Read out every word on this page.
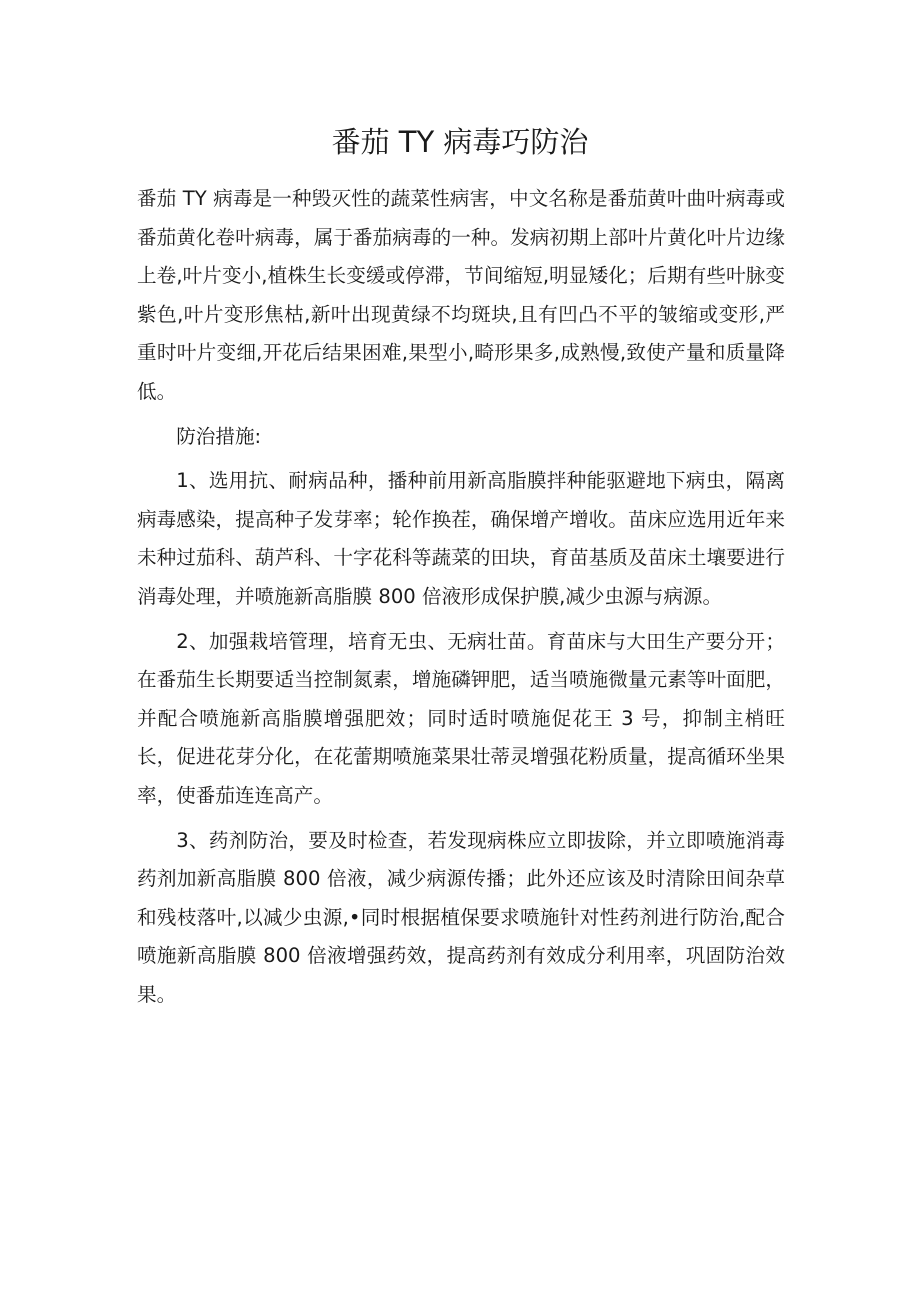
番茄 TY 病毒巧防治

番茄 TY 病毒是一种毁灭性的蔬菜性病害，中文名称是番茄黄叶曲叶病毒或番茄黄化卷叶病毒，属于番茄病毒的一种。发病初期上部叶片黄化叶片边缘上卷,叶片变小,植株生长变缓或停滞，节间缩短,明显矮化；后期有些叶脉变紫色,叶片变形焦枯,新叶出现黄绿不均斑块,且有凹凸不平的皱缩或变形,严重时叶片变细,开花后结果困难,果型小,畸形果多,成熟慢,致使产量和质量降低。

防治措施:

1、选用抗、耐病品种，播种前用新高脂膜拌种能驱避地下病虫，隔离病毒感染，提高种子发芽率；轮作换茬，确保增产增收。苗床应选用近年来未种过茄科、葫芦科、十字花科等蔬菜的田块，育苗基质及苗床土壤要进行消毒处理，并喷施新高脂膜 800 倍液形成保护膜,减少虫源与病源。

2、加强栽培管理，培育无虫、无病壮苗。育苗床与大田生产要分开；在番茄生长期要适当控制氮素，增施磷钾肥，适当喷施微量元素等叶面肥，并配合喷施新高脂膜增强肥效；同时适时喷施促花王 3 号，抑制主梢旺长，促进花芽分化，在花蕾期喷施菜果壮蒂灵增强花粉质量，提高循环坐果率，使番茄连连高产。

3、药剂防治，要及时检查，若发现病株应立即拔除，并立即喷施消毒药剂加新高脂膜 800 倍液，减少病源传播；此外还应该及时清除田间杂草和残枝落叶,以减少虫源,•同时根据植保要求喷施针对性药剂进行防治,配合喷施新高脂膜 800 倍液增强药效，提高药剂有效成分利用率，巩固防治效果。
